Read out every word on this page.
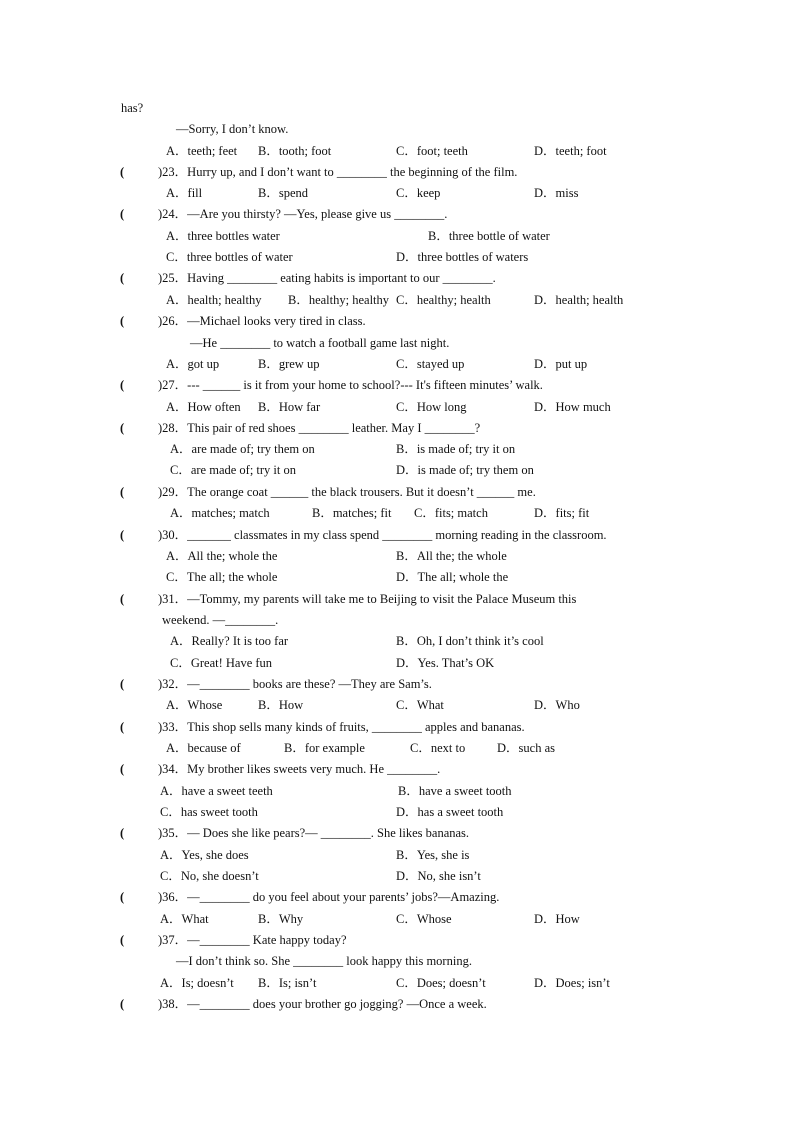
has?
—Sorry, I don’t know.
A．teeth; feet B．tooth; foot	C．foot; teeth	D．teeth; foot
(	)23．Hurry up, and I don’t want to ________ the beginning of the film.
A．fill	B．spend	C．keep	D．miss
(	)24．—Are you thirsty? —Yes, please give us ________.
A．three bottles water	B．three bottle of water
C．three bottles of water	D．three bottles of waters
(	)25．Having ________ eating habits is important to our ________.
A．health; healthy B．healthy; healthy C．healthy; health	D．health; health
(	)26．—Michael looks very tired in class.
—He ________ to watch a football game last night.
A．got up	B．grew up	C．stayed up	D．put up
(	)27．--- ______ is it from your home to school?--- It's fifteen minutes’ walk.
A．How often B．How far	C．How long	D．How much
(	)28．This pair of red shoes ________ leather. May I ________?
A．are made of; try them on	B．is made of; try it on
C．are made of; try it on	D．is made of; try them on
(	)29．The orange coat ______ the black trousers. But it doesn’t ______ me.
A．matches; match	B．matches; fit C．fits; match	D．fits; fit
(	)30．_______ classmates in my class spend ________ morning reading in the classroom.
A．All the; whole the	B．All the; the whole
C．The all; the whole	D．The all; whole the
(	)31．—Tommy, my parents will take me to Beijing to visit the Palace Museum this
weekend. —________.
A．Really? It is too far	B．Oh, I don’t think it’s cool
C．Great! Have fun	D．Yes. That’s OK
(	)32．—________ books are these? —They are Sam’s.
A．Whose	B．How	C．What	D．Who
(	)33．This shop sells many kinds of fruits, ________ apples and bananas.
A．because of	B．for example	C．next to	D．such as
(	)34．My brother likes sweets very much. He ________.
A．have a sweet teeth	B．have a sweet tooth
C．has sweet tooth	D．has a sweet tooth
(	)35．— Does she like pears?— ________. She likes bananas.
A．Yes, she does	B．Yes, she is
C．No, she doesn’t	D．No, she isn’t
(	)36．—________ do you feel about your parents’ jobs?—Amazing.
A．What	B．Why	C．Whose	D．How
(	)37．—________ Kate happy today?
—I don’t think so. She ________ look happy this morning.
A．Is; doesn’t B．Is; isn’t	C．Does; doesn’t	D．Does; isn’t
(	)38．—________ does your brother go jogging? —Once a week.
